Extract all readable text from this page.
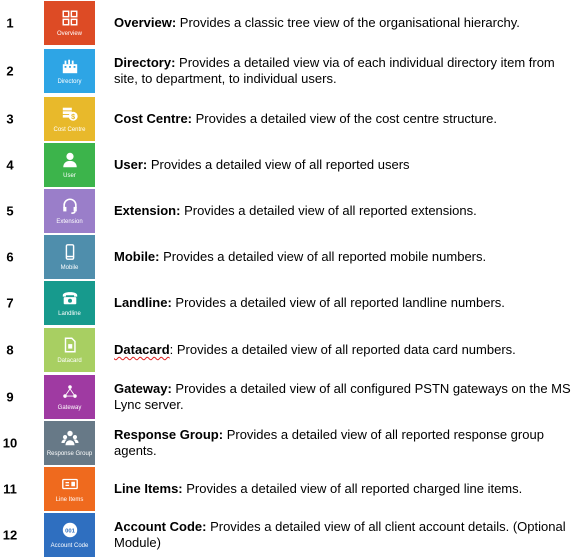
1
Overview
Overview: Provides a classic tree view of the organisational hierarchy.
2
Directory
Directory: Provides a detailed view via of each individual directory item from site, to department, to individual users.
3	$
Cost Centre
Cost Centre: Provides a detailed view of the cost centre structure.
4
User
User: Provides a detailed view of all reported users
5
Extension
Extension: Provides a detailed view of all reported extensions.
6
Mobile
Mobile: Provides a detailed view of all reported mobile numbers.
7
Landline
Landline: Provides a detailed view of all reported landline numbers.
8
Datacard
Datacard: Provides a detailed view of all reported data card numbers.
9
Gateway
Gateway: Provides a detailed view of all configured PSTN gateways on the MS Lync server.
10
Response Group
Response Group: Provides a detailed view of all reported response group agents.
11
Line Items
Line Items: Provides a detailed view of all reported charged line items.
12	001
Account Code
Account Code: Provides a detailed view of all client account details. (Optional Module)
